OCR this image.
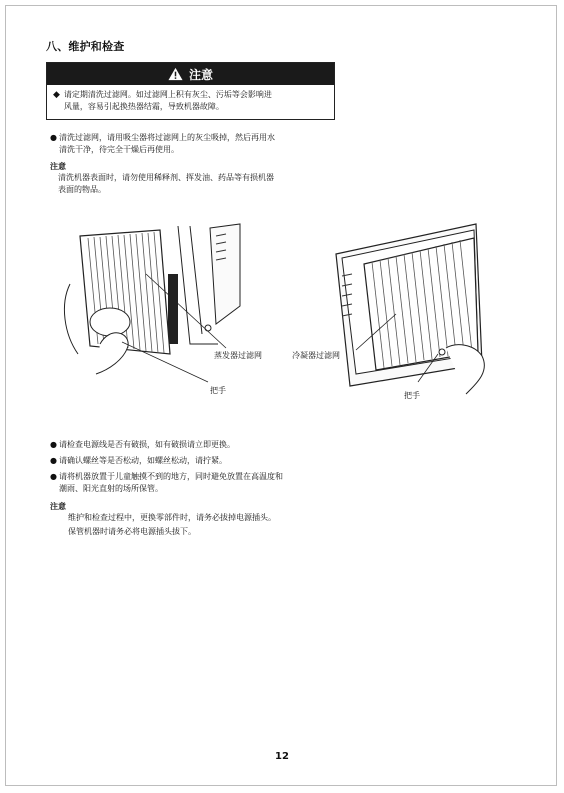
八、维护和检查
注意
◆ 请定期清洗过滤网。如过滤网上积有灰尘、污垢等会影响进
风量，容易引起换热器结霜，导致机器故障。
● 清洗过滤网，请用吸尘器将过滤网上的灰尘吸掉，然后再用水
清洗干净，待完全干燥后再使用。
注意
清洗机器表面时，请勿使用稀释剂、挥发油、药品等有损机器
表面的物品。
蒸发器过滤网
把手
冷凝器过滤网
把手
● 请检查电源线是否有破损，如有破损请立即更换。
● 请确认螺丝等是否松动，如螺丝松动，请拧紧。
● 请将机器放置于儿童触摸不到的地方，同时避免放置在高温度和
潮雨、阳光直射的场所保管。
注意
维护和检查过程中，更换零部件时，请务必拔掉电源插头。
保管机器时请务必将电源插头拔下。
12
